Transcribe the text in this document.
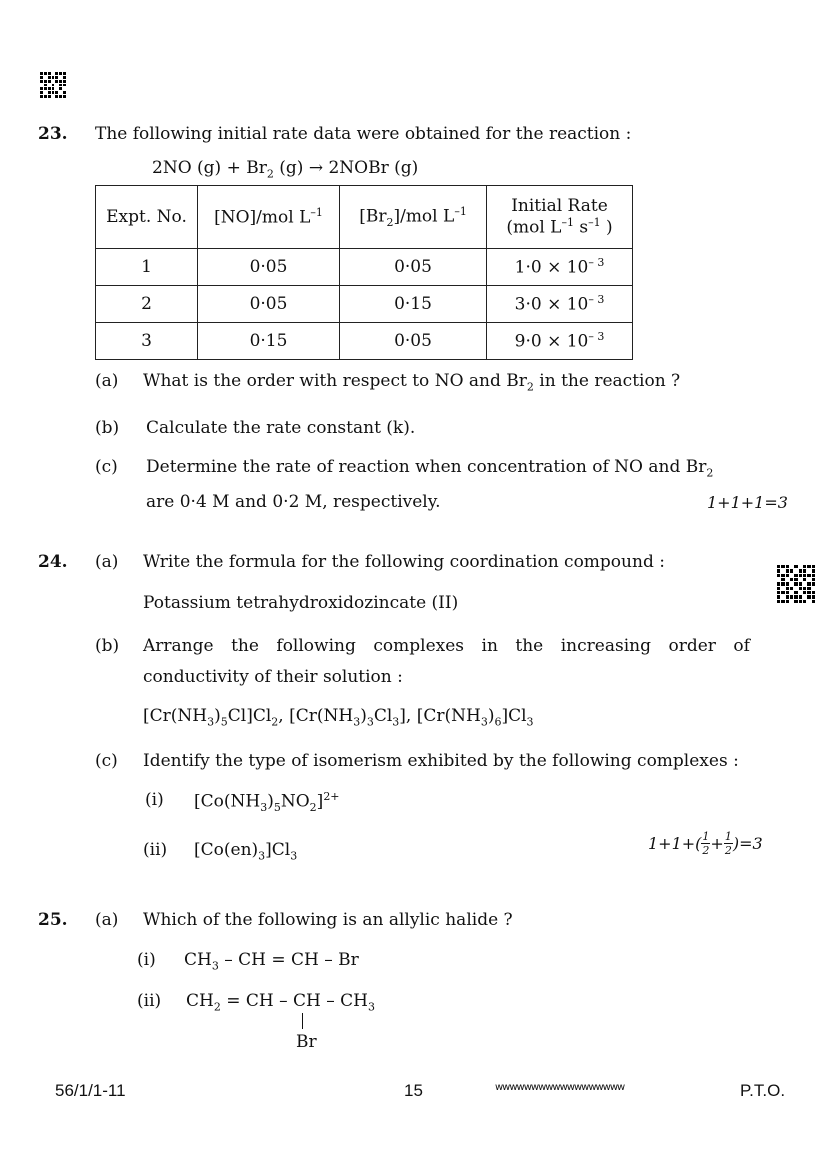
23. The following initial rate data were obtained for the reaction :
2NO $(g) + Br_2$ (g) → 2NOBr (g)
Expt. No.	[NO]/mol $L^{-1}$	$[Br_2]$/mol $L^{-1}$	Initial Rate
(mol $L^{-1}$ $s^{-1}$ )

1	0·05	0·05	$1\cdot 0 \times 10^{- 3}$
2	0·05	0·15	$3\cdot 0 \times 10^{- 3}$
3	0·15	0·05	$9\cdot 0 \times 10^{- 3}$
(a) What is the order with respect to NO and $Br_2$ in the reaction ?
(b) Calculate the rate constant (k).
(c) Determine the rate of reaction when concentration of NO and $Br_2$
are 0·4 M and 0·2 M, respectively.	1+1+1=3
24. (a) Write the formula for the following coordination compound :
Potassium tetrahydroxidozincate (II)
(b) Arrange the following complexes in the increasing order of
conductivity of their solution :
$[Cr(NH_3)_5Cl]Cl_2$, $[Cr(NH_3)_3Cl_3]$, $[Cr(NH_3)_6]Cl_3$
(c) Identify the type of isomerism exhibited by the following complexes :
(i) $[Co(NH_3)_5NO_2]^{2+}$
(ii) $[Co(en)_3]Cl_3$
$1+1+( \frac{1}{2} + \frac{1}{2} )=3$
25. (a) Which of the following is an allylic halide ?
(i) $CH_3$ – CH = CH – Br
(ii) $CH_2$ = CH – CH – $CH_3$
Br
56/1/1-11	15	wwwwwwwwwwwwwwwwww	P.T.O.
